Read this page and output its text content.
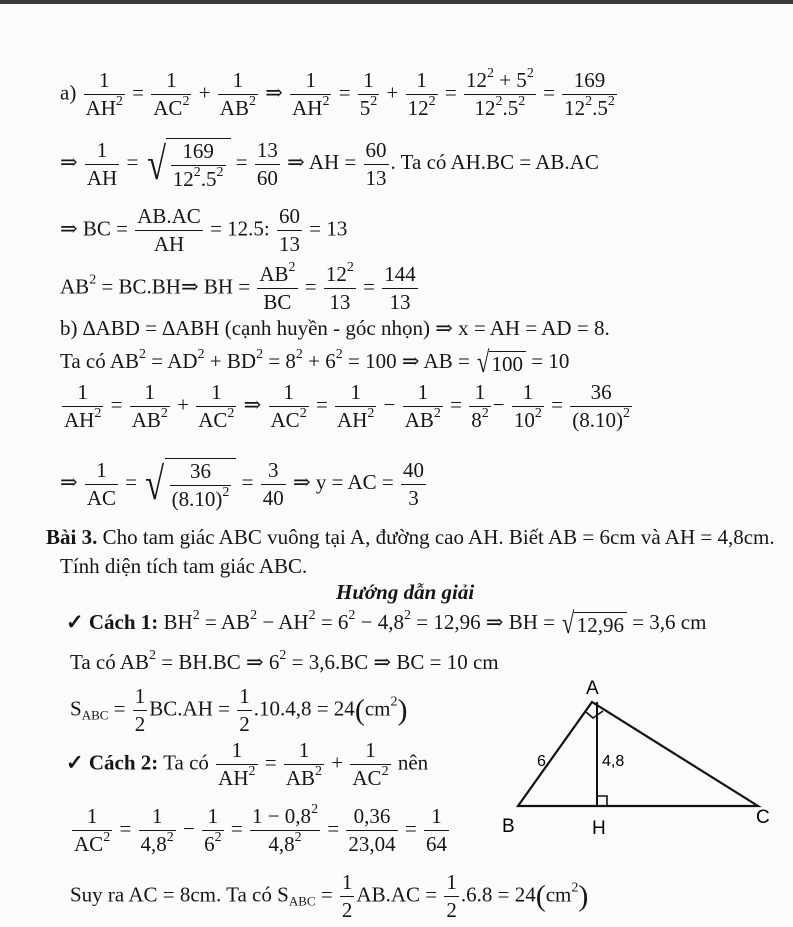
$a) \frac{1}{AH^2} = \frac{1}{AC^2} + \frac{1}{AB^2}$ ⇒ $\frac{1}{AH^2} = \frac{1}{5^2} + \frac{1}{12^2} = \frac{12^2 + 5^2}{12^2.5^2} = \frac{169}{12^2.5^2}$
⇒ $\frac{1}{AH}$ = √ $\frac{169}{12^2.5^2} = \frac{13}{60}$ ⇒ AH = $\frac{60}{13}$ . Ta có AH.BC = AB.AC
⇒ BC = $\frac{AB.AC}{AH} = 12.5$: $\frac{60}{13} = 13$
$AB^2$ = BC.BH⇒ BH = $\frac{AB^2}{BC} = \frac{12^2}{13} = \frac{144}{13}$
b) ∆ABD = ∆ABH (cạnh huyền - góc nhọn) ⇒ x = AH = AD = 8.
Ta có $AB^2 = AD^2 + BD^2 = 8^2 + 6^2 = 100$ ⇒ AB = √ 100 = 10
$\frac{1}{AH^2} = \frac{1}{AB^2} + \frac{1}{AC^2}$ ⇒ $\frac{1}{AC^2} = \frac{1}{AH^2} - \frac{1}{AB^2} = \frac{1}{8^2} - \frac{1}{10^2} = \frac{36}{(8.10)^2}$
⇒ $\frac{1}{AC}$ = √ $\frac{36}{(8.10)^2} = \frac{3}{40}$ ⇒ y = AC = $\frac{40}{3}$
Bài 3. Cho tam giác ABC vuông tại A, đường cao AH. Biết AB = 6cm và AH = 4,8cm.
Tính diện tích tam giác ABC.
Hướng dẫn giải
✓ Cách 1: $BH^2 = AB^2 - AH^2 = 6^2 - 4,8^2 = 12,96$ ⇒ BH = √ 12,96 = 3,6 cm
Ta có $AB^2 = BH.BC$ ⇒ $6^2 = 3,6.BC$ ⇒ BC = 10 cm
$S_{ABC} = \frac{1}{2} BC.AH = \frac{1}{2} .10.4,8 = 24(cm^2)$
✓ Cách 2: Ta có $\frac{1}{AH^2} = \frac{1}{AB^2} + \frac{1}{AC^2}$ nên
$\frac{1}{AC^2} = \frac{1}{4,8^2} - \frac{1}{6^2} = \frac{1 - 0,8^2}{4,8^2} = \frac{0,36}{23,04} = \frac{1}{64}$
Suy ra AC = 8cm. Ta có $S_{ABC} = \frac{1}{2} AB.AC = \frac{1}{2} .6.8 = 24(cm^2)$
A
B	C
H
6	4,8
